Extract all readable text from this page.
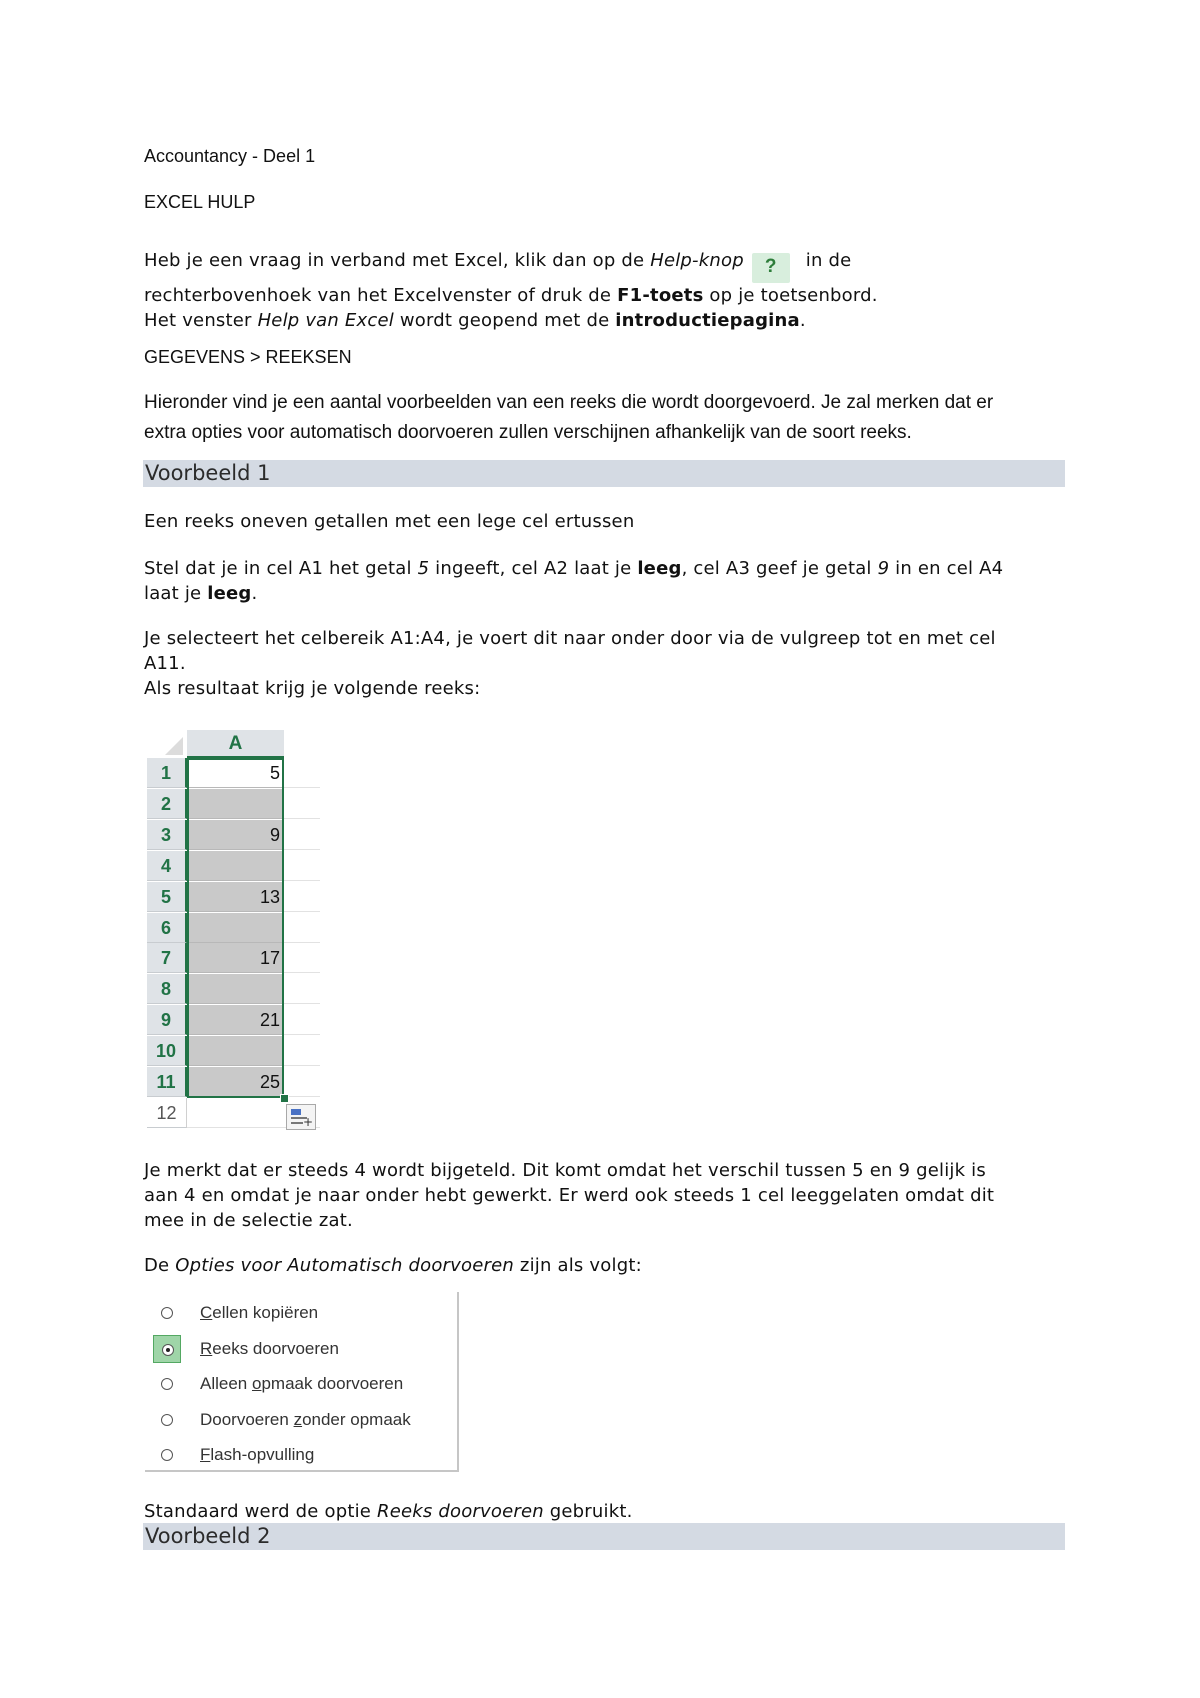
Accountancy - Deel 1
EXCEL HULP
Heb je een vraag in verband met Excel, klik dan op de Help-knop ? in de
rechterbovenhoek van het Excelvenster of druk de F1-toets op je toetsenbord.
Het venster Help van Excel wordt geopend met de introductiepagina.
GEGEVENS > REEKSEN
Hieronder vind je een aantal voorbeelden van een reeks die wordt doorgevoerd. Je zal merken dat er
extra opties voor automatisch doorvoeren zullen verschijnen afhankelijk van de soort reeks.
Voorbeeld 1
Een reeks oneven getallen met een lege cel ertussen
Stel dat je in cel A1 het getal 5 ingeeft, cel A2 laat je leeg, cel A3 geef je getal 9 in en cel A4
laat je leeg.
Je selecteert het celbereik A1:A4, je voert dit naar onder door via de vulgreep tot en met cel
A11.
Als resultaat krijg je volgende reeks:
A
1	5
2
3	9
4
5	13
6
7	17
8
9	21
10
11	25
12	+
Je merkt dat er steeds 4 wordt bijgeteld. Dit komt omdat het verschil tussen 5 en 9 gelijk is
aan 4 en omdat je naar onder hebt gewerkt. Er werd ook steeds 1 cel leeggelaten omdat dit
mee in de selectie zat.
De Opties voor Automatisch doorvoeren zijn als volgt:
Cellen kopiëren
Reeks doorvoeren
Alleen opmaak doorvoeren
Doorvoeren zonder opmaak
Flash-opvulling
Standaard werd de optie Reeks doorvoeren gebruikt.
Voorbeeld 2
